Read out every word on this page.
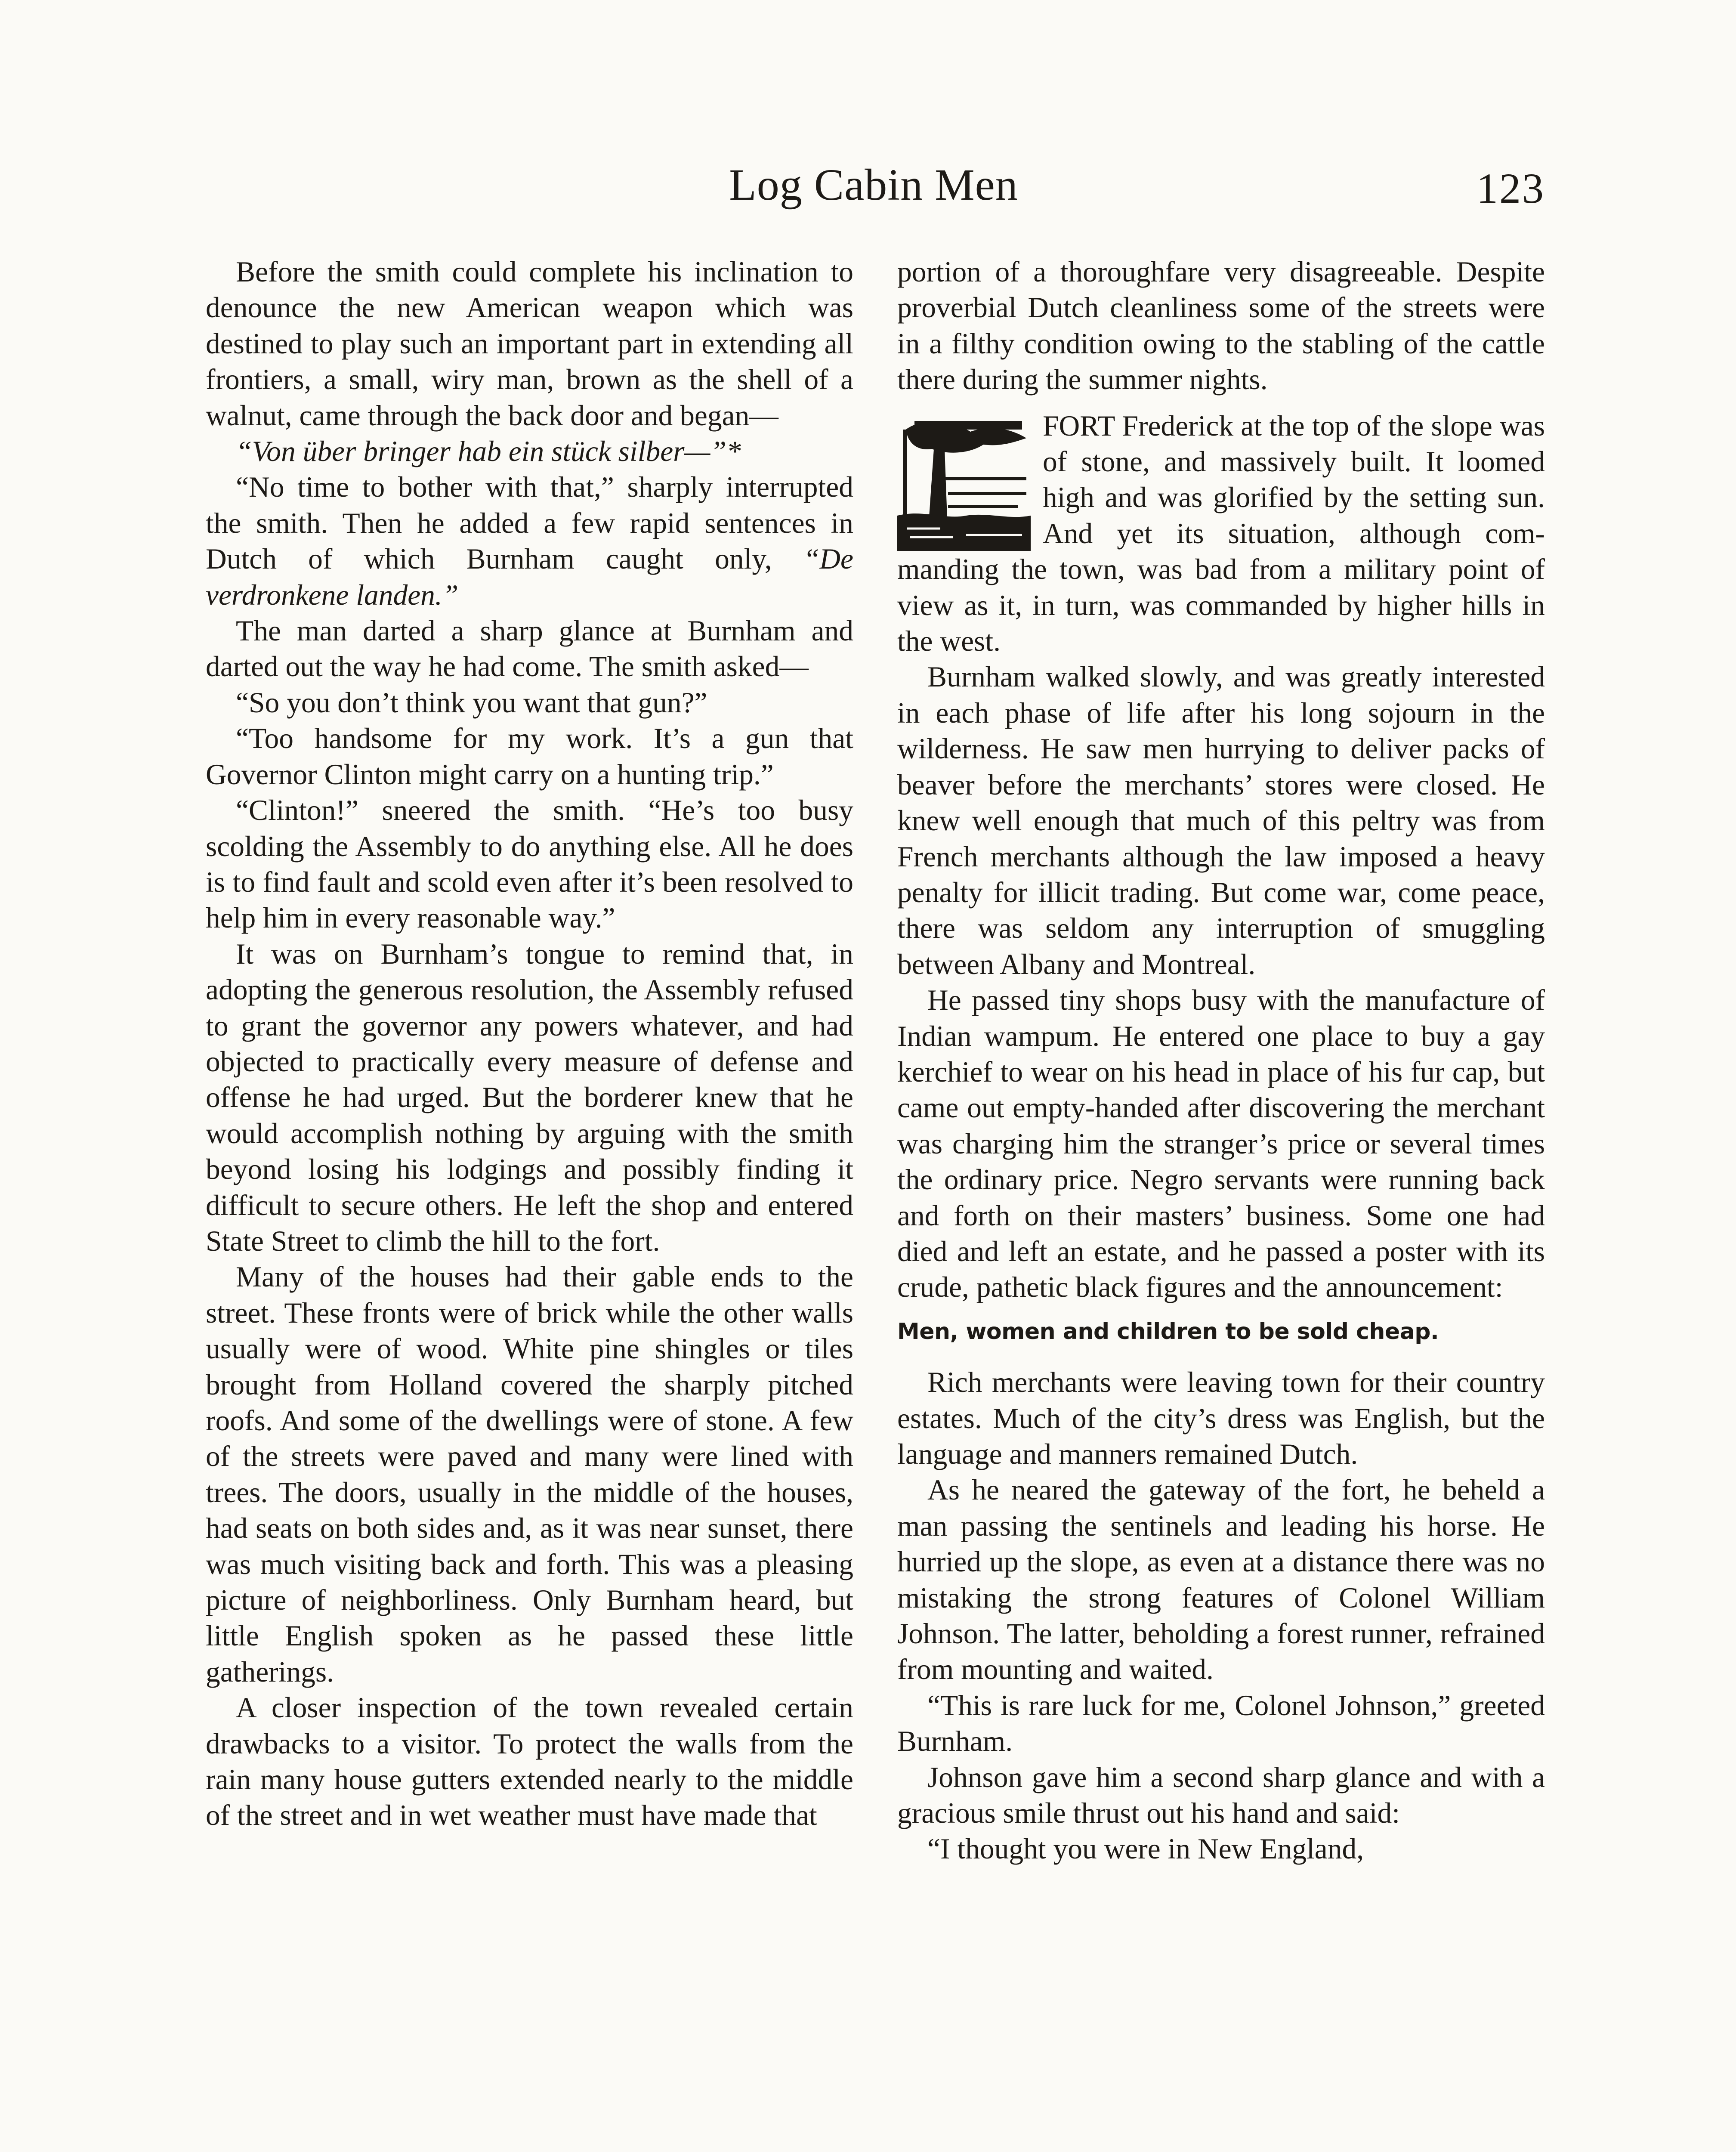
Log Cabin Men	123

Before the smith could complete his inclination to denounce the new American weapon which was destined to play such an important part in extending all frontiers, a small, wiry man, brown as the shell of a walnut, came through the back door and began—

“Von über bringer hab ein stück silber—”*

“No time to bother with that,” sharply interrupted the smith. Then he added a few rapid sentences in Dutch of which Burnham caught only, “De verdronkene landen.”

The man darted a sharp glance at Burnham and darted out the way he had come. The smith asked—

“So you don’t think you want that gun?”

“Too handsome for my work. It’s a gun that Governor Clinton might carry on a hunting trip.”

“Clinton!” sneered the smith. “He’s too busy scolding the Assembly to do anything else. All he does is to find fault and scold even after it’s been resolved to help him in every reasonable way.”

It was on Burnham’s tongue to remind that, in adopting the generous resolution, the Assembly refused to grant the governor any powers whatever, and had objected to practically every measure of defense and offense he had urged. But the borderer knew that he would accomplish nothing by arguing with the smith beyond losing his lodgings and possibly finding it difficult to secure others. He left the shop and entered State Street to climb the hill to the fort.

Many of the houses had their gable ends to the street. These fronts were of brick while the other walls usually were of wood. White pine shingles or tiles brought from Holland covered the sharply pitched roofs. And some of the dwellings were of stone. A few of the streets were paved and many were lined with trees. The doors, usually in the middle of the houses, had seats on both sides and, as it was near sunset, there was much visiting back and forth. This was a pleasing picture of neighborliness. Only Burnham heard, but little English spoken as he passed these little gatherings.

A closer inspection of the town revealed certain drawbacks to a visitor. To protect the walls from the rain many house gutters extended nearly to the middle of the street and in wet weather must have made that

portion of a thoroughfare very disagreeable. Despite proverbial Dutch cleanliness some of the streets were in a filthy condition owing to the stabling of the cattle there during the summer nights.

FORT Frederick at the top of the slope was of stone, and massively built. It loomed high and was glorified by the setting sun. And yet its situation, although commanding the town, was bad from a military point of view as it, in turn, was commanded by higher hills in the west.

Burnham walked slowly, and was greatly interested in each phase of life after his long sojourn in the wilderness. He saw men hurrying to deliver packs of beaver before the merchants’ stores were closed. He knew well enough that much of this peltry was from French merchants although the law imposed a heavy penalty for illicit trading. But come war, come peace, there was seldom any interruption of smuggling between Albany and Montreal.

He passed tiny shops busy with the manufacture of Indian wampum. He entered one place to buy a gay kerchief to wear on his head in place of his fur cap, but came out empty-handed after discovering the merchant was charging him the stranger’s price or several times the ordinary price. Negro servants were running back and forth on their masters’ business. Some one had died and left an estate, and he passed a poster with its crude, pathetic black figures and the announcement:

Men, women and children to be sold cheap.

Rich merchants were leaving town for their country estates. Much of the city’s dress was English, but the language and manners remained Dutch.

As he neared the gateway of the fort, he beheld a man passing the sentinels and leading his horse. He hurried up the slope, as even at a distance there was no mistaking the strong features of Colonel William Johnson. The latter, beholding a forest runner, refrained from mounting and waited.

“This is rare luck for me, Colonel Johnson,” greeted Burnham.

Johnson gave him a second sharp glance and with a gracious smile thrust out his hand and said:

“I thought you were in New England,
